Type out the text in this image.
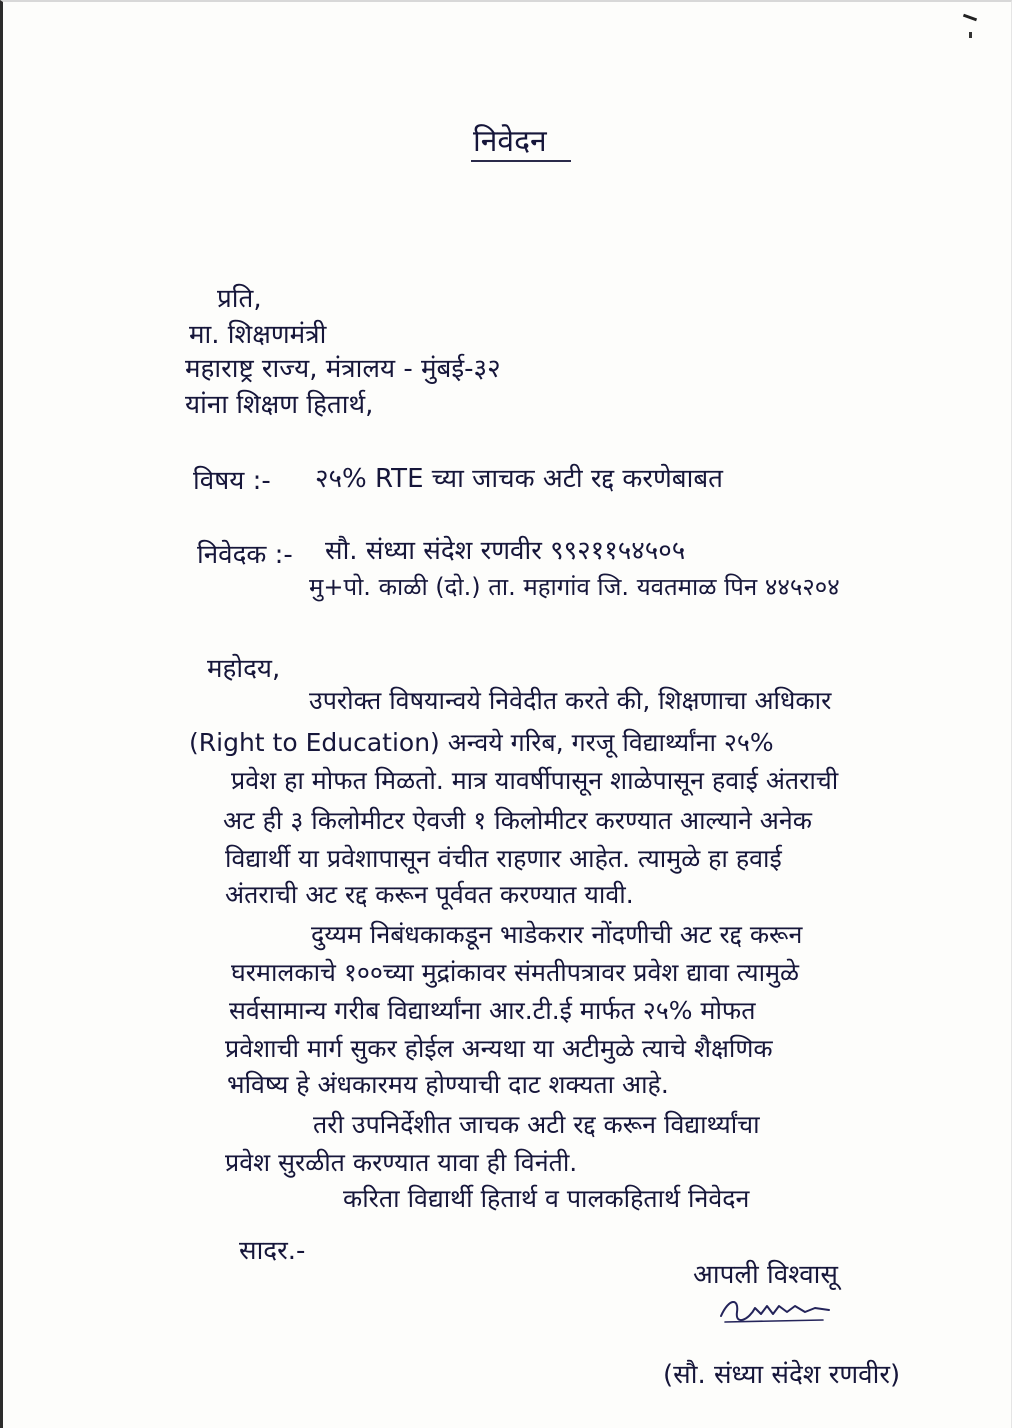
निवेदन
प्रति,
मा. शिक्षणमंत्री
महाराष्ट्र राज्य, मंत्रालय - मुंबई-३२
यांना शिक्षण हितार्थ,
विषय :- २५% RTE च्या जाचक अटी रद्द करणेबाबत
निवेदक :- सौ. संध्या संदेश रणवीर ९९२११५४५०५
मु+पो. काळी (दो.) ता. महागांव जि. यवतमाळ पिन ४४५२०४
महोदय,
उपरोक्त विषयान्वये निवेदीत करते की, शिक्षणाचा अधिकार
(Right to Education) अन्वये गरिब, गरजू विद्यार्थ्यांना २५%
प्रवेश हा मोफत मिळतो. मात्र यावर्षीपासून शाळेपासून हवाई अंतराची
अट ही ३ किलोमीटर ऐवजी १ किलोमीटर करण्यात आल्याने अनेक
विद्यार्थी या प्रवेशापासून वंचीत राहणार आहेत. त्यामुळे हा हवाई
अंतराची अट रद्द करून पूर्ववत करण्यात यावी.
दुय्यम निबंधकाकडून भाडेकरार नोंदणीची अट रद्द करून
घरमालकाचे १००च्या मुद्रांकावर संमतीपत्रावर प्रवेश द्यावा त्यामुळे
सर्वसामान्य गरीब विद्यार्थ्यांना आर.टी.ई मार्फत २५% मोफत
प्रवेशाची मार्ग सुकर होईल अन्यथा या अटीमुळे त्याचे शैक्षणिक
भविष्य हे अंधकारमय होण्याची दाट शक्यता आहे.
तरी उपनिर्देशीत जाचक अटी रद्द करून विद्यार्थ्यांचा
प्रवेश सुरळीत करण्यात यावा ही विनंती.
करिता विद्यार्थी हितार्थ व पालकहितार्थ निवेदन
सादर.-
आपली विश्वासू
(सौ. संध्या संदेश रणवीर)
